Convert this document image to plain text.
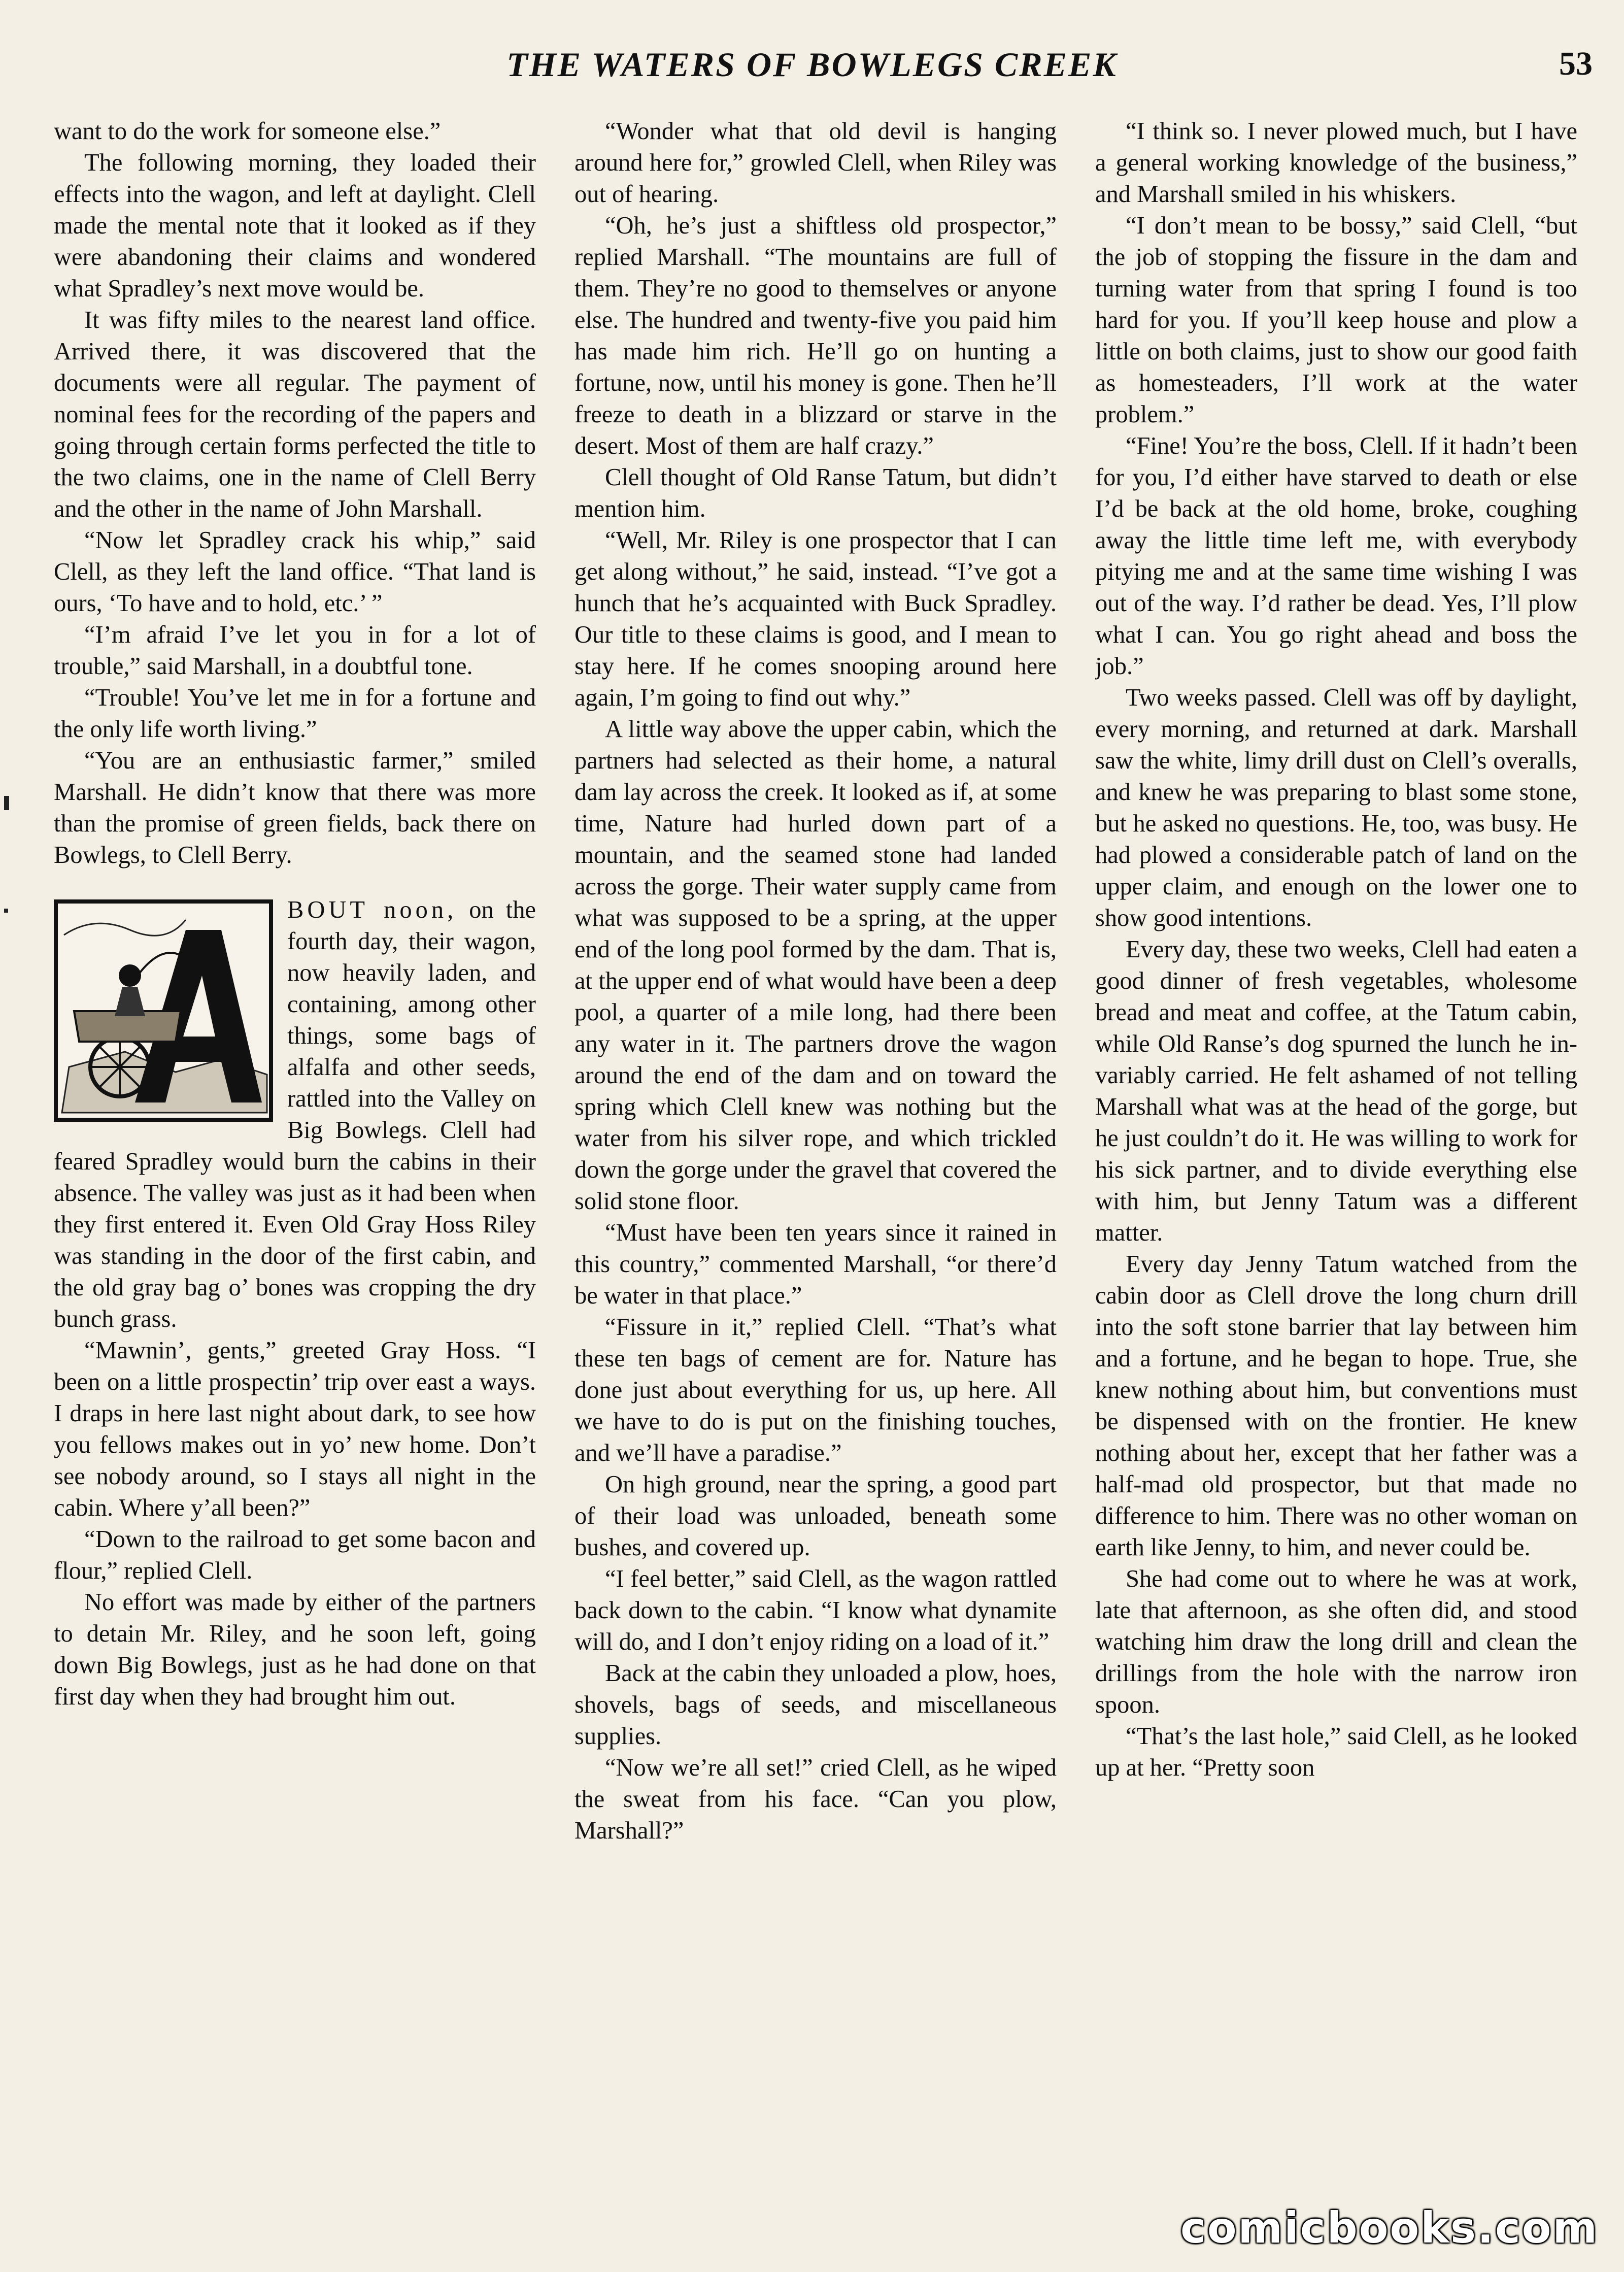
THE WATERS OF BOWLEGS CREEK	53

want to do the work for someone else.”

The following morning, they loaded their effects into the wagon, and left at daylight. Clell made the mental note that it looked as if they were abandoning their claims and wondered what Spradley’s next move would be.

It was fifty miles to the nearest land office. Arrived there, it was discovered that the documents were all regular. The payment of nominal fees for the recording of the papers and going through certain forms perfected the title to the two claims, one in the name of Clell Berry and the other in the name of John Marshall.

“Now let Spradley crack his whip,” said Clell, as they left the land office. “That land is ours, ‘To have and to hold, etc.’ ”

“I’m afraid I’ve let you in for a lot of trouble,” said Marshall, in a doubtful tone.

“Trouble! You’ve let me in for a fortune and the only life worth living.”

“You are an enthusiastic farmer,” smiled Marshall. He didn’t know that there was more than the promise of green fields, back there on Bowlegs, to Clell Berry.

BOUT noon, on the fourth day, their wagon, now heavily laden, and containing, among other things, some bags of alfalfa and other seeds, rattled into the Valley on Big Bowlegs. Clell had feared Spradley would burn the cabins in their absence. The valley was just as it had been when they first entered it. Even Old Gray Hoss Riley was standing in the door of the first cabin, and the old gray bag o’ bones was cropping the dry bunch grass.

“Mawnin’, gents,” greeted Gray Hoss. “I been on a little prospectin’ trip over east a ways. I draps in here last night about dark, to see how you fellows makes out in yo’ new home. Don’t see nobody around, so I stays all night in the cabin. Where y’all been?”

“Down to the railroad to get some bacon and flour,” replied Clell.

No effort was made by either of the partners to detain Mr. Riley, and he soon left, going down Big Bowlegs, just as he had done on that first day when they had brought him out.

“Wonder what that old devil is hanging around here for,” growled Clell, when Riley was out of hearing.

“Oh, he’s just a shiftless old prospector,” replied Marshall. “The mountains are full of them. They’re no good to themselves or anyone else. The hundred and twenty-five you paid him has made him rich. He’ll go on hunting a fortune, now, until his money is gone. Then he’ll freeze to death in a blizzard or starve in the desert. Most of them are half crazy.”

Clell thought of Old Ranse Tatum, but didn’t mention him.

“Well, Mr. Riley is one prospector that I can get along without,” he said, instead. “I’ve got a hunch that he’s acquainted with Buck Spradley. Our title to these claims is good, and I mean to stay here. If he comes snooping around here again, I’m going to find out why.”

A little way above the upper cabin, which the partners had selected as their home, a natural dam lay across the creek. It looked as if, at some time, Nature had hurled down part of a mountain, and the seamed stone had landed across the gorge. Their water supply came from what was supposed to be a spring, at the upper end of the long pool formed by the dam. That is, at the upper end of what would have been a deep pool, a quarter of a mile long, had there been any water in it. The partners drove the wagon around the end of the dam and on toward the spring which Clell knew was nothing but the water from his silver rope, and which trickled down the gorge under the gravel that covered the solid stone floor.

“Must have been ten years since it rained in this country,” commented Marshall, “or there’d be water in that place.”

“Fissure in it,” replied Clell. “That’s what these ten bags of cement are for. Nature has done just about everything for us, up here. All we have to do is put on the finishing touches, and we’ll have a paradise.”

On high ground, near the spring, a good part of their load was unloaded, beneath some bushes, and covered up.

“I feel better,” said Clell, as the wagon rattled back down to the cabin. “I know what dynamite will do, and I don’t enjoy riding on a load of it.”

Back at the cabin they unloaded a plow, hoes, shovels, bags of seeds, and miscellaneous supplies.

“Now we’re all set!” cried Clell, as he wiped the sweat from his face. “Can you plow, Marshall?”

“I think so. I never plowed much, but I have a general working knowledge of the business,” and Marshall smiled in his whiskers.

“I don’t mean to be bossy,” said Clell, “but the job of stopping the fissure in the dam and turning water from that spring I found is too hard for you. If you’ll keep house and plow a little on both claims, just to show our good faith as homesteaders, I’ll work at the water problem.”

“Fine! You’re the boss, Clell. If it hadn’t been for you, I’d either have starved to death or else I’d be back at the old home, broke, coughing away the little time left me, with everybody pitying me and at the same time wishing I was out of the way. I’d rather be dead. Yes, I’ll plow what I can. You go right ahead and boss the job.”

Two weeks passed. Clell was off by daylight, every morning, and returned at dark. Marshall saw the white, limy drill dust on Clell’s overalls, and knew he was preparing to blast some stone, but he asked no questions. He, too, was busy. He had plowed a considerable patch of land on the upper claim, and enough on the lower one to show good intentions.

Every day, these two weeks, Clell had eaten a good dinner of fresh vegetables, wholesome bread and meat and coffee, at the Tatum cabin, while Old Ranse’s dog spurned the lunch he invariably carried. He felt ashamed of not telling Marshall what was at the head of the gorge, but he just couldn’t do it. He was willing to work for his sick partner, and to divide everything else with him, but Jenny Tatum was a different matter.

Every day Jenny Tatum watched from the cabin door as Clell drove the long churn drill into the soft stone barrier that lay between him and a fortune, and he began to hope. True, she knew nothing about him, but conventions must be dispensed with on the frontier. He knew nothing about her, except that her father was a half-mad old prospector, but that made no difference to him. There was no other woman on earth like Jenny, to him, and never could be.

She had come out to where he was at work, late that afternoon, as she often did, and stood watching him draw the long drill and clean the drillings from the hole with the narrow iron spoon.

“That’s the last hole,” said Clell, as he looked up at her. “Pretty soon

comicbooks.com
